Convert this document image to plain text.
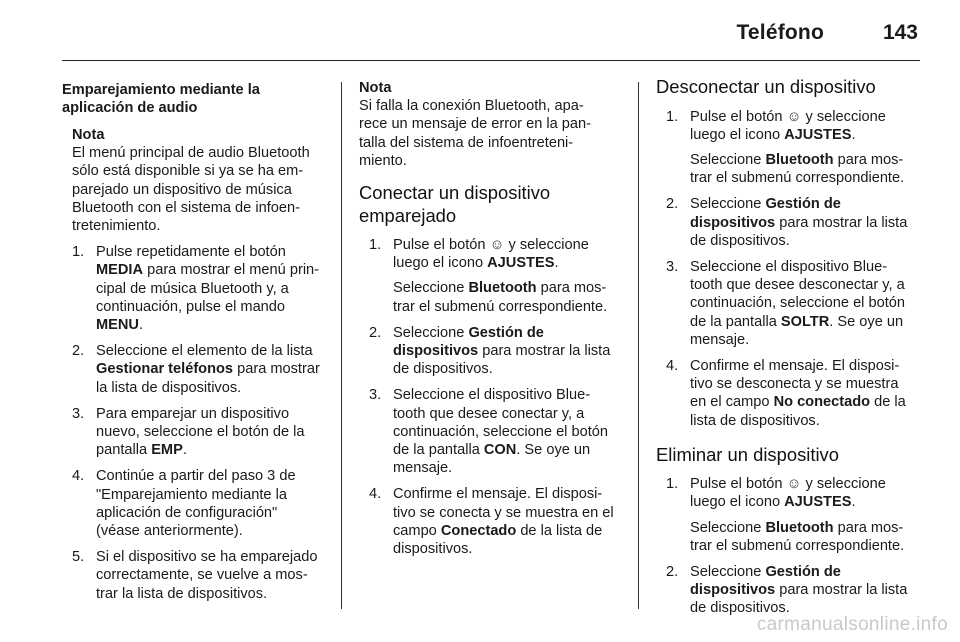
Teléfono	143
Emparejamiento mediante la
aplicación de audio
Nota
El menú principal de audio Bluetooth
sólo está disponible si ya se ha em-
parejado un dispositivo de música
Bluetooth con el sistema de infoen-
tretenimiento.
1. Pulse repetidamente el botón
MEDIA para mostrar el menú prin-
cipal de música Bluetooth y, a
continuación, pulse el mando
MENU.
2. Seleccione el elemento de la lista
Gestionar teléfonos para mostrar
la lista de dispositivos.
3. Para emparejar un dispositivo
nuevo, seleccione el botón de la
pantalla EMP.
4. Continúe a partir del paso 3 de
"Emparejamiento mediante la
aplicación de configuración"
(véase anteriormente).
5. Si el dispositivo se ha emparejado
correctamente, se vuelve a mos-
trar la lista de dispositivos.
Nota
Si falla la conexión Bluetooth, apa-
rece un mensaje de error en la pan-
talla del sistema de infoentreteni-
miento.
Conectar un dispositivo
emparejado
1. Pulse el botón ☺ y seleccione
luego el icono AJUSTES.
Seleccione Bluetooth para mos-
trar el submenú correspondiente.
2. Seleccione Gestión de
dispositivos para mostrar la lista
de dispositivos.
3. Seleccione el dispositivo Blue-
tooth que desee conectar y, a
continuación, seleccione el botón
de la pantalla CON. Se oye un
mensaje.
4. Confirme el mensaje. El disposi-
tivo se conecta y se muestra en el
campo Conectado de la lista de
dispositivos.
Desconectar un dispositivo
1. Pulse el botón ☺ y seleccione
luego el icono AJUSTES.
Seleccione Bluetooth para mos-
trar el submenú correspondiente.
2. Seleccione Gestión de
dispositivos para mostrar la lista
de dispositivos.
3. Seleccione el dispositivo Blue-
tooth que desee desconectar y, a
continuación, seleccione el botón
de la pantalla SOLTR. Se oye un
mensaje.
4. Confirme el mensaje. El disposi-
tivo se desconecta y se muestra
en el campo No conectado de la
lista de dispositivos.
Eliminar un dispositivo
1. Pulse el botón ☺ y seleccione
luego el icono AJUSTES.
Seleccione Bluetooth para mos-
trar el submenú correspondiente.
2. Seleccione Gestión de
dispositivos para mostrar la lista
de dispositivos.
carmanualsonline.info
